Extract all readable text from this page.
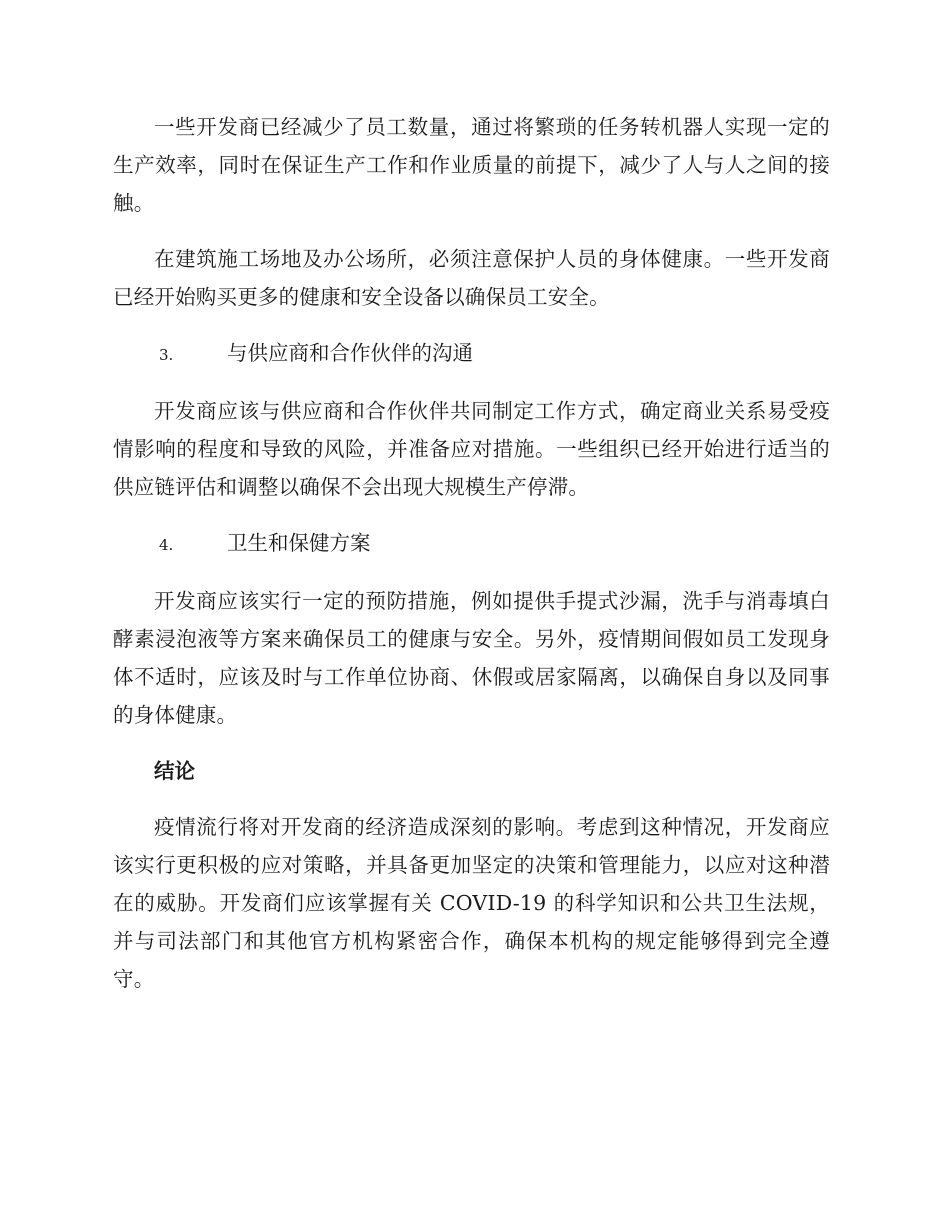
一些开发商已经减少了员工数量，通过将繁琐的任务转机器人实现一定的生产效率，同时在保证生产工作和作业质量的前提下，减少了人与人之间的接触。

在建筑施工场地及办公场所，必须注意保护人员的身体健康。一些开发商已经开始购买更多的健康和安全设备以确保员工安全。

3.	与供应商和合作伙伴的沟通

开发商应该与供应商和合作伙伴共同制定工作方式，确定商业关系易受疫情影响的程度和导致的风险，并准备应对措施。一些组织已经开始进行适当的供应链评估和调整以确保不会出现大规模生产停滞。

4.	卫生和保健方案

开发商应该实行一定的预防措施，例如提供手提式沙漏，洗手与消毒填白酵素浸泡液等方案来确保员工的健康与安全。另外，疫情期间假如员工发现身体不适时，应该及时与工作单位协商、休假或居家隔离，以确保自身以及同事的身体健康。

结论

疫情流行将对开发商的经济造成深刻的影响。考虑到这种情况，开发商应该实行更积极的应对策略，并具备更加坚定的决策和管理能力，以应对这种潜在的威胁。开发商们应该掌握有关 COVID-19 的科学知识和公共卫生法规，并与司法部门和其他官方机构紧密合作，确保本机构的规定能够得到完全遵守。
